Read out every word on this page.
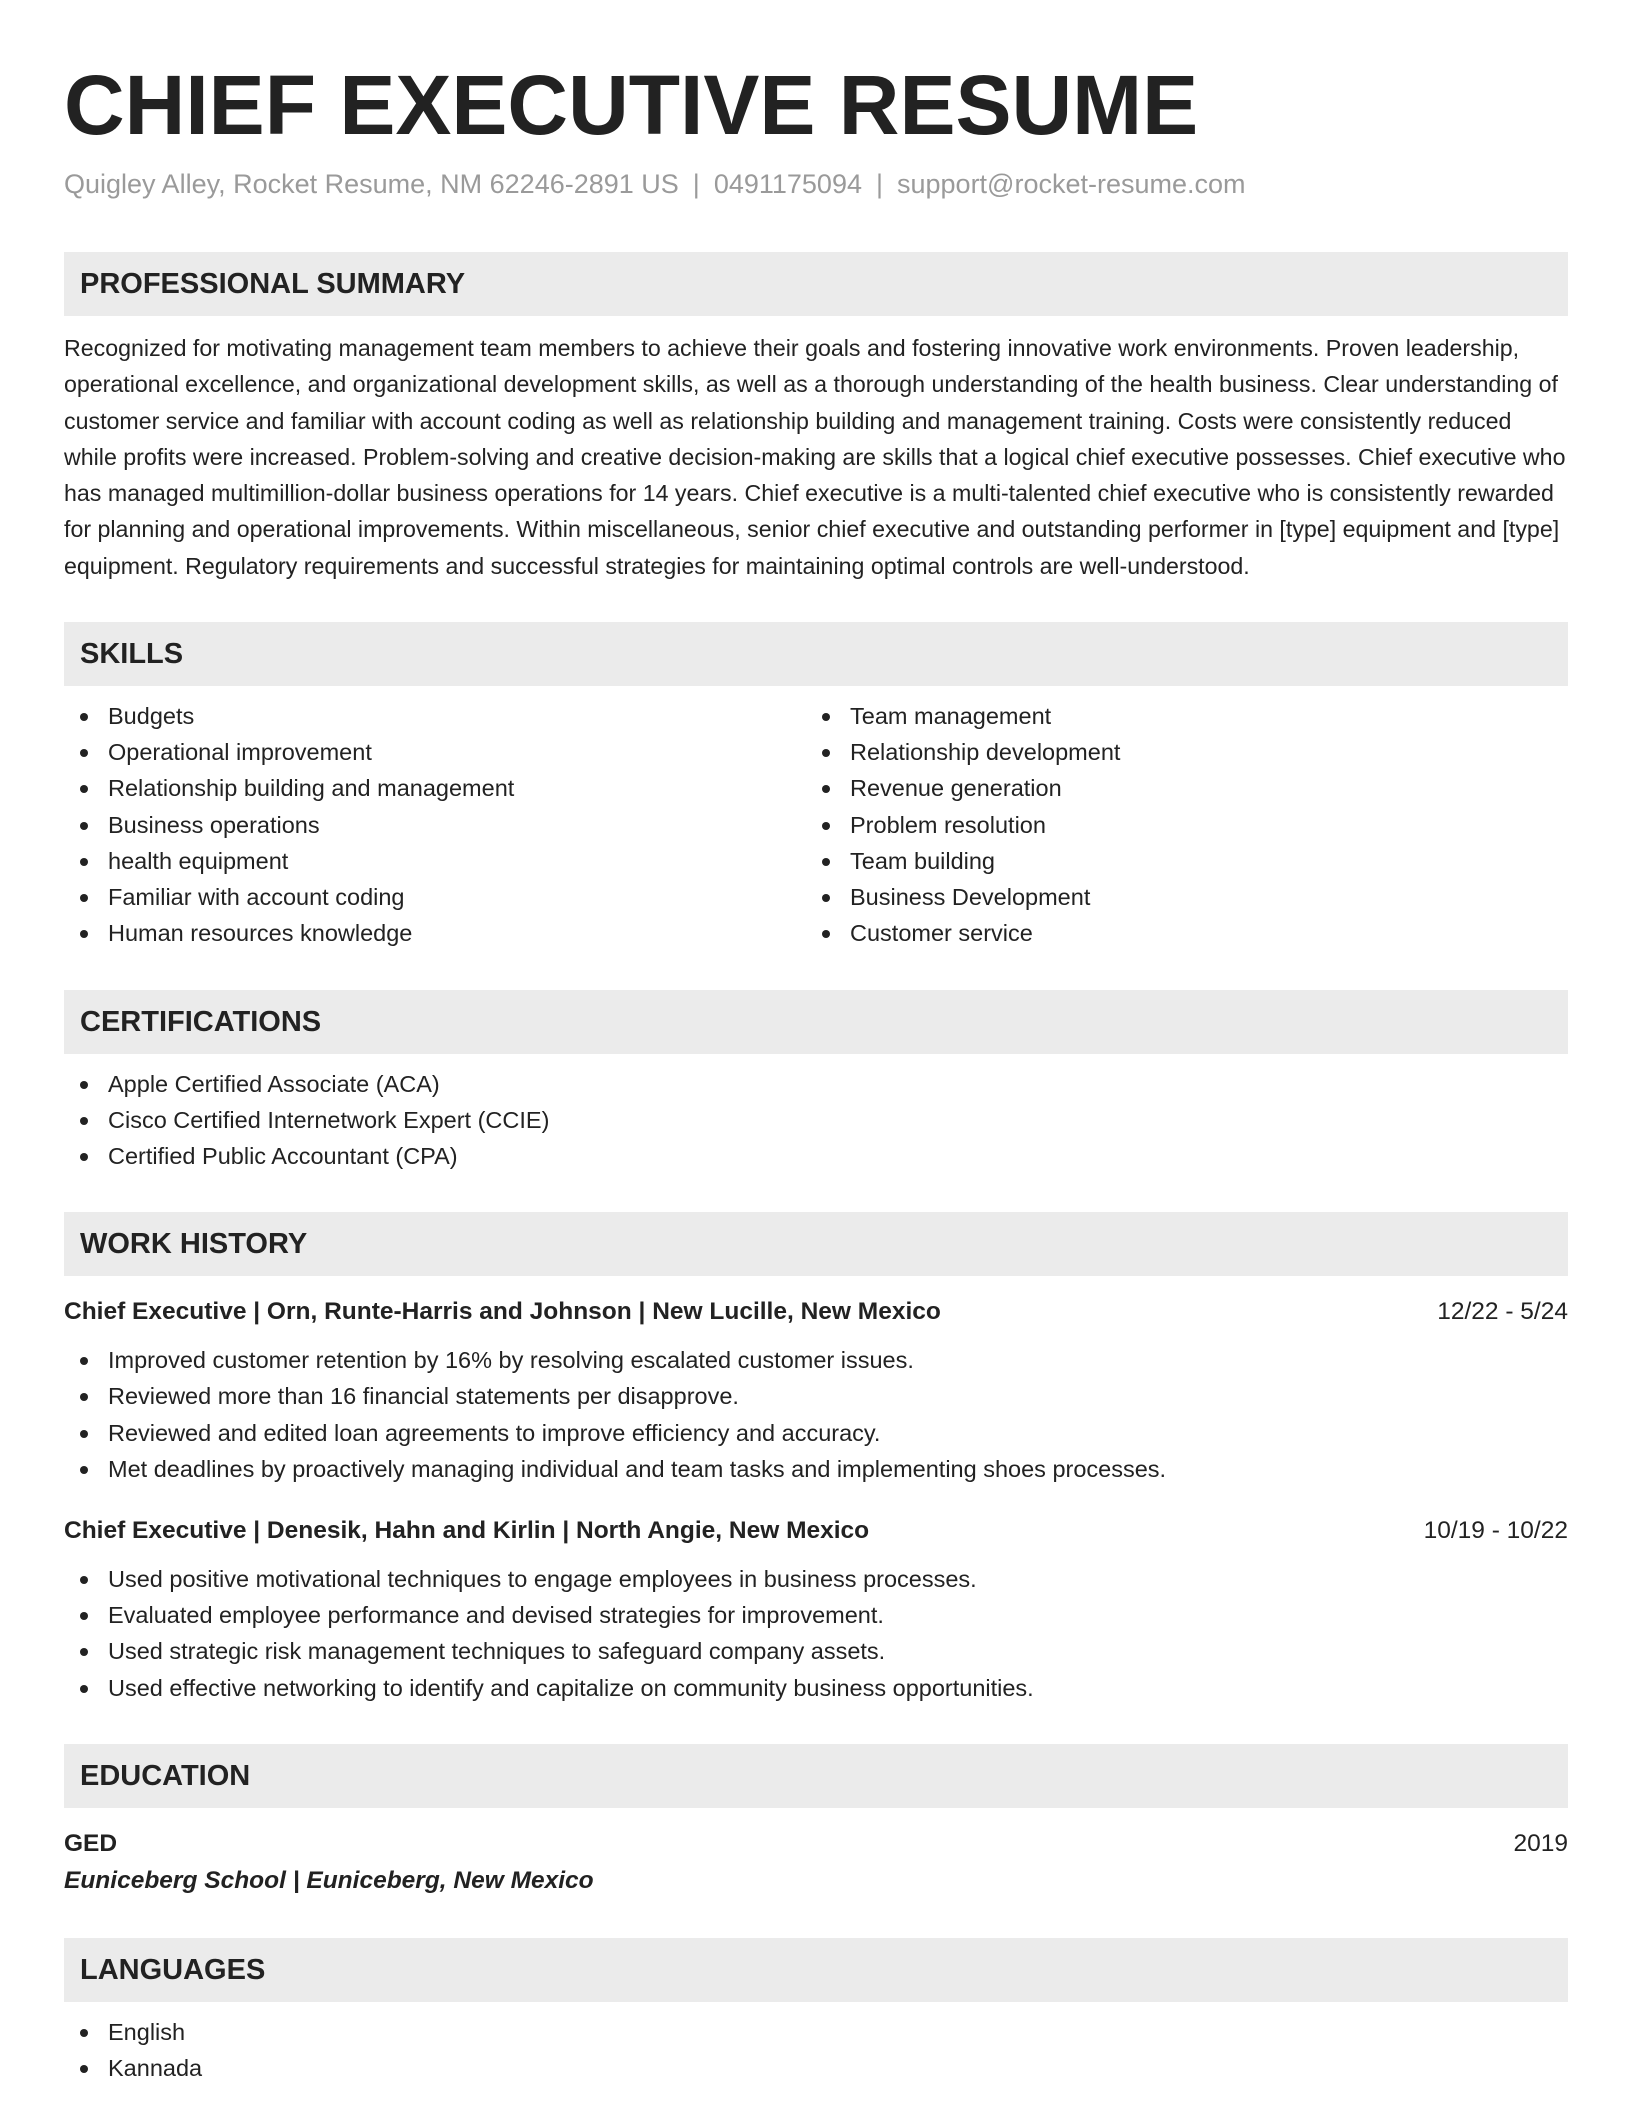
CHIEF EXECUTIVE RESUME
Quigley Alley, Rocket Resume, NM 62246-2891 US | 0491175094 | support@rocket-resume.com
PROFESSIONAL SUMMARY
Recognized for motivating management team members to achieve their goals and fostering innovative work environments. Proven leadership, operational excellence, and organizational development skills, as well as a thorough understanding of the health business. Clear understanding of customer service and familiar with account coding as well as relationship building and management training. Costs were consistently reduced while profits were increased. Problem-solving and creative decision-making are skills that a logical chief executive possesses. Chief executive who has managed multimillion-dollar business operations for 14 years. Chief executive is a multi-talented chief executive who is consistently rewarded for planning and operational improvements. Within miscellaneous, senior chief executive and outstanding performer in [type] equipment and [type] equipment. Regulatory requirements and successful strategies for maintaining optimal controls are well-understood.
SKILLS
Budgets
Operational improvement
Relationship building and management
Business operations
health equipment
Familiar with account coding
Human resources knowledge
Team management
Relationship development
Revenue generation
Problem resolution
Team building
Business Development
Customer service
CERTIFICATIONS
Apple Certified Associate (ACA)
Cisco Certified Internetwork Expert (CCIE)
Certified Public Accountant (CPA)
WORK HISTORY
Chief Executive | Orn, Runte-Harris and Johnson | New Lucille, New Mexico	12/22 - 5/24
Improved customer retention by 16% by resolving escalated customer issues.
Reviewed more than 16 financial statements per disapprove.
Reviewed and edited loan agreements to improve efficiency and accuracy.
Met deadlines by proactively managing individual and team tasks and implementing shoes processes.
Chief Executive | Denesik, Hahn and Kirlin | North Angie, New Mexico	10/19 - 10/22
Used positive motivational techniques to engage employees in business processes.
Evaluated employee performance and devised strategies for improvement.
Used strategic risk management techniques to safeguard company assets.
Used effective networking to identify and capitalize on community business opportunities.
EDUCATION
GED	2019
Euniceberg School | Euniceberg, New Mexico
LANGUAGES
English
Kannada
